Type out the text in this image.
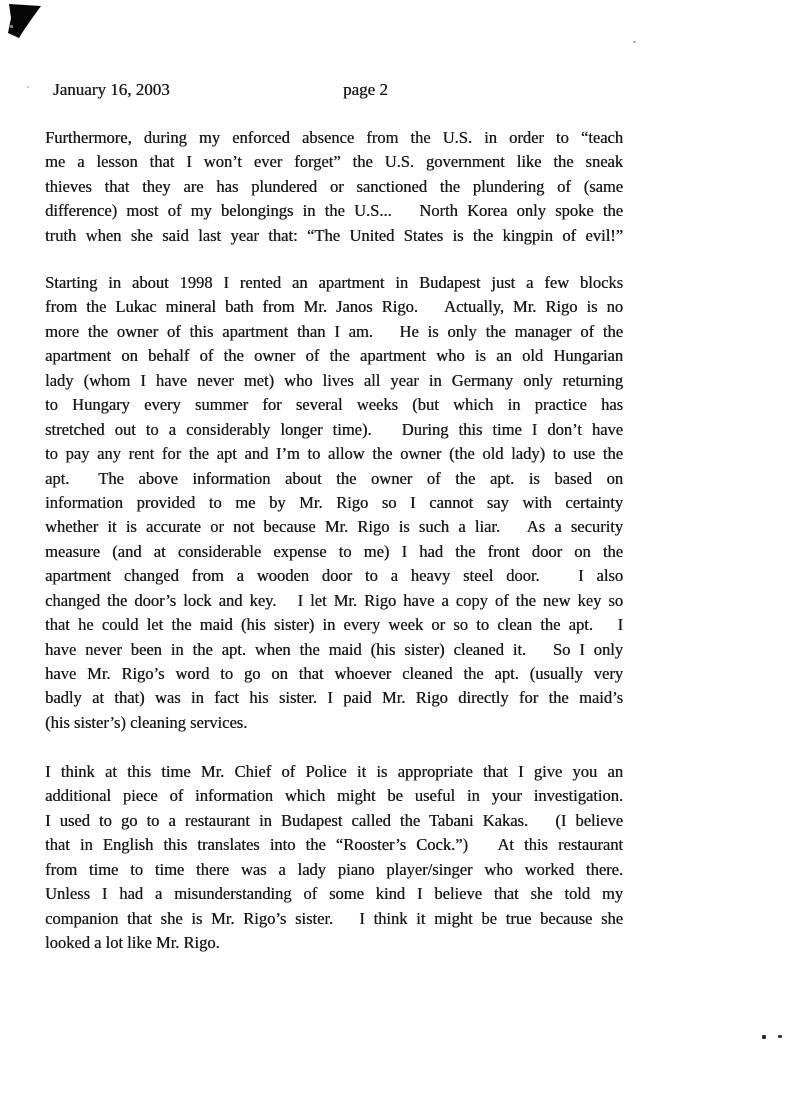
January 16, 2003	page 2
Furthermore, during my enforced absence from the U.S. in order to “teach
me a lesson that I won’t ever forget” the U.S. government like the sneak
thieves that they are has plundered or sanctioned the plundering of (same
difference) most of my belongings in the U.S...   North Korea only spoke the
truth when she said last year that: “The United States is the kingpin of evil!”
Starting in about 1998 I rented an apartment in Budapest just a few blocks
from the Lukac mineral bath from Mr. Janos Rigo.   Actually, Mr. Rigo is no
more the owner of this apartment than I am.   He is only the manager of the
apartment on behalf of the owner of the apartment who is an old Hungarian
lady (whom I have never met) who lives all year in Germany only returning
to Hungary every summer for several weeks (but which in practice has
stretched out to a considerably longer time).   During this time I don’t have
to pay any rent for the apt and I’m to allow the owner (the old lady) to use the
apt.  The above information about the owner of the apt. is based on
information provided to me by Mr. Rigo so I cannot say with certainty
whether it is accurate or not because Mr. Rigo is such a liar.   As a security
measure (and at considerable expense to me) I had the front door on the
apartment changed from a wooden door to a heavy steel door.   I also
changed the door’s lock and key.   I let Mr. Rigo have a copy of the new key so
that he could let the maid (his sister) in every week or so to clean the apt.   I
have never been in the apt. when the maid (his sister) cleaned it.   So I only
have Mr. Rigo’s word to go on that whoever cleaned the apt. (usually very
badly at that) was in fact his sister. I paid Mr. Rigo directly for the maid’s
(his sister’s) cleaning services.
I think at this time Mr. Chief of Police it is appropriate that I give you an
additional piece of information which might be useful in your investigation.
I used to go to a restaurant in Budapest called the Tabani Kakas.   (I believe
that in English this translates into the “Rooster’s Cock.”)   At this restaurant
from time to time there was a lady piano player/singer who worked there.
Unless I had a misunderstanding of some kind I believe that she told my
companion that she is Mr. Rigo’s sister.   I think it might be true because she
looked a lot like Mr. Rigo.
